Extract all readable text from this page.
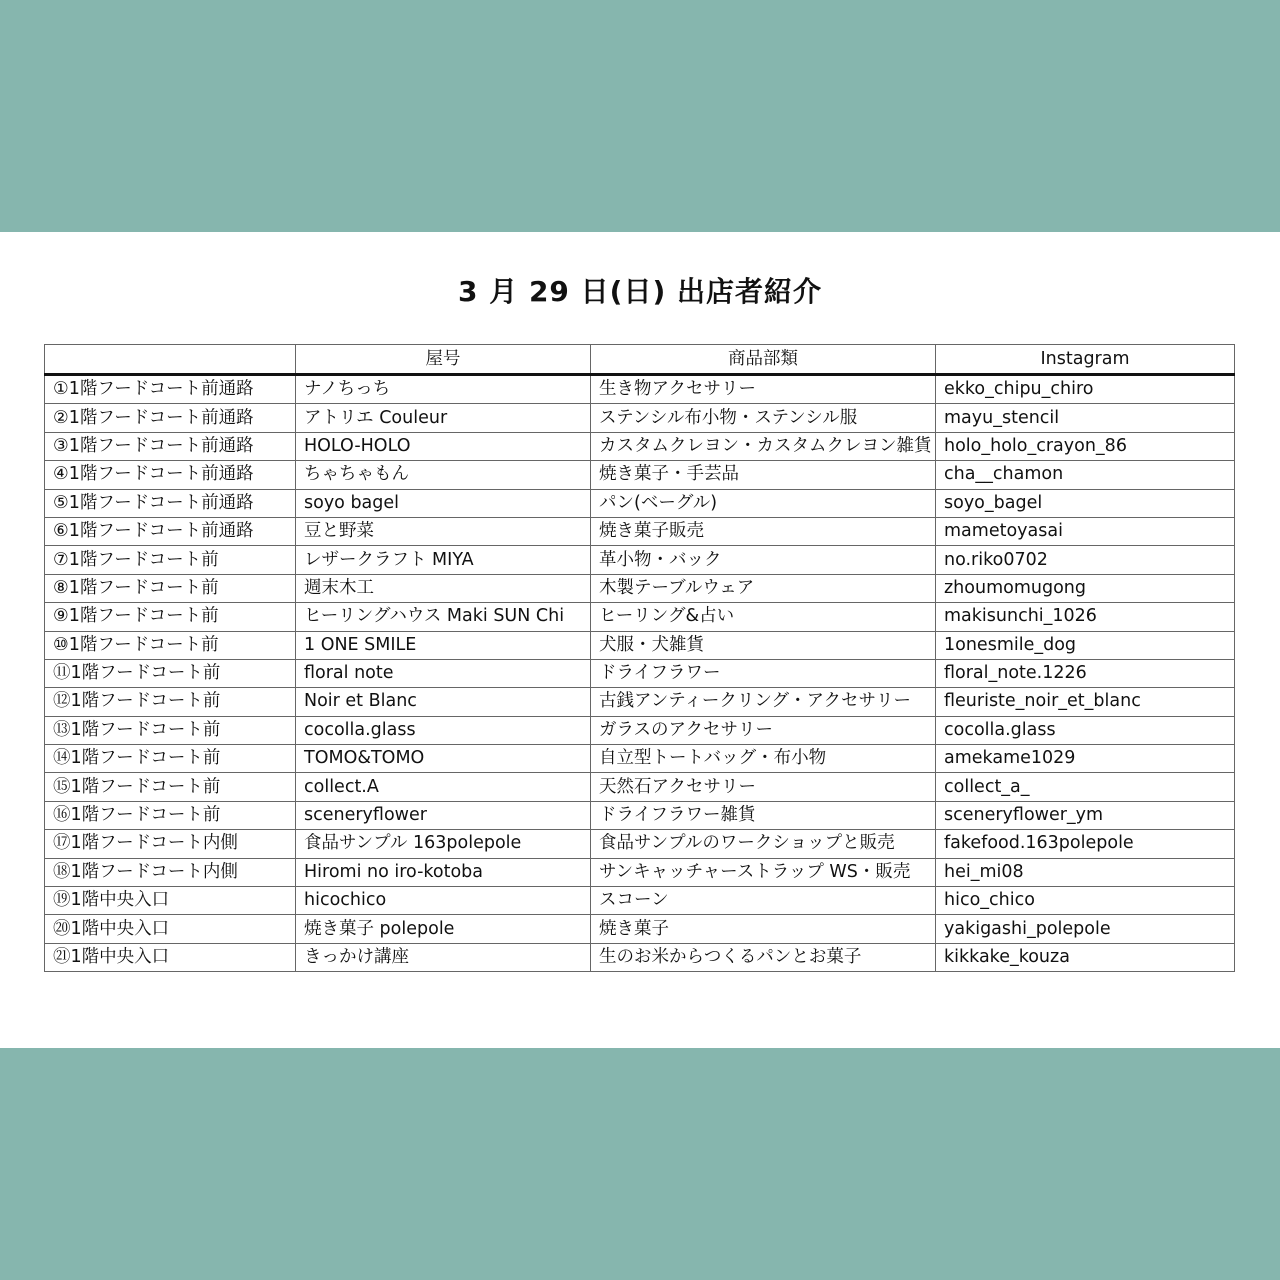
3 月 29 日(日) 出店者紹介
	屋号	商品部類	Instagram
①1階フードコート前通路	ナノちっち	生き物アクセサリー	ekko_chipu_chiro
②1階フードコート前通路	アトリエ Couleur	ステンシル布小物・ステンシル服	mayu_stencil
③1階フードコート前通路	HOLO-HOLO	カスタムクレヨン・カスタムクレヨン雑貨	holo_holo_crayon_86
④1階フードコート前通路	ちゃちゃもん	焼き菓子・手芸品	cha__chamon
⑤1階フードコート前通路	soyo bagel	パン(ベーグル)	soyo_bagel
⑥1階フードコート前通路	豆と野菜	焼き菓子販売	mametoyasai
⑦1階フードコート前	レザークラフト MIYA	革小物・バック	no.riko0702
⑧1階フードコート前	週末木工	木製テーブルウェア	zhoumomugong
⑨1階フードコート前	ヒーリングハウス Maki SUN Chi	ヒーリング&占い	makisunchi_1026
⑩1階フードコート前	1 ONE SMILE	犬服・犬雑貨	1onesmile_dog
⑪1階フードコート前	floral note	ドライフラワー	floral_note.1226
⑫1階フードコート前	Noir et Blanc	古銭アンティークリング・アクセサリー	fleuriste_noir_et_blanc
⑬1階フードコート前	cocolla.glass	ガラスのアクセサリー	cocolla.glass
⑭1階フードコート前	TOMO&TOMO	自立型トートバッグ・布小物	amekame1029
⑮1階フードコート前	collect.A	天然石アクセサリー	collect_a_
⑯1階フードコート前	sceneryflower	ドライフラワー雑貨	sceneryflower_ym
⑰1階フードコート内側	食品サンプル 163polepole	食品サンプルのワークショップと販売	fakefood.163polepole
⑱1階フードコート内側	Hiromi no iro-kotoba	サンキャッチャーストラップ WS・販売	hei_mi08
⑲1階中央入口	hicochico	スコーン	hico_chico
⑳1階中央入口	焼き菓子 polepole	焼き菓子	yakigashi_polepole
㉑1階中央入口	きっかけ講座	生のお米からつくるパンとお菓子	kikkake_kouza
